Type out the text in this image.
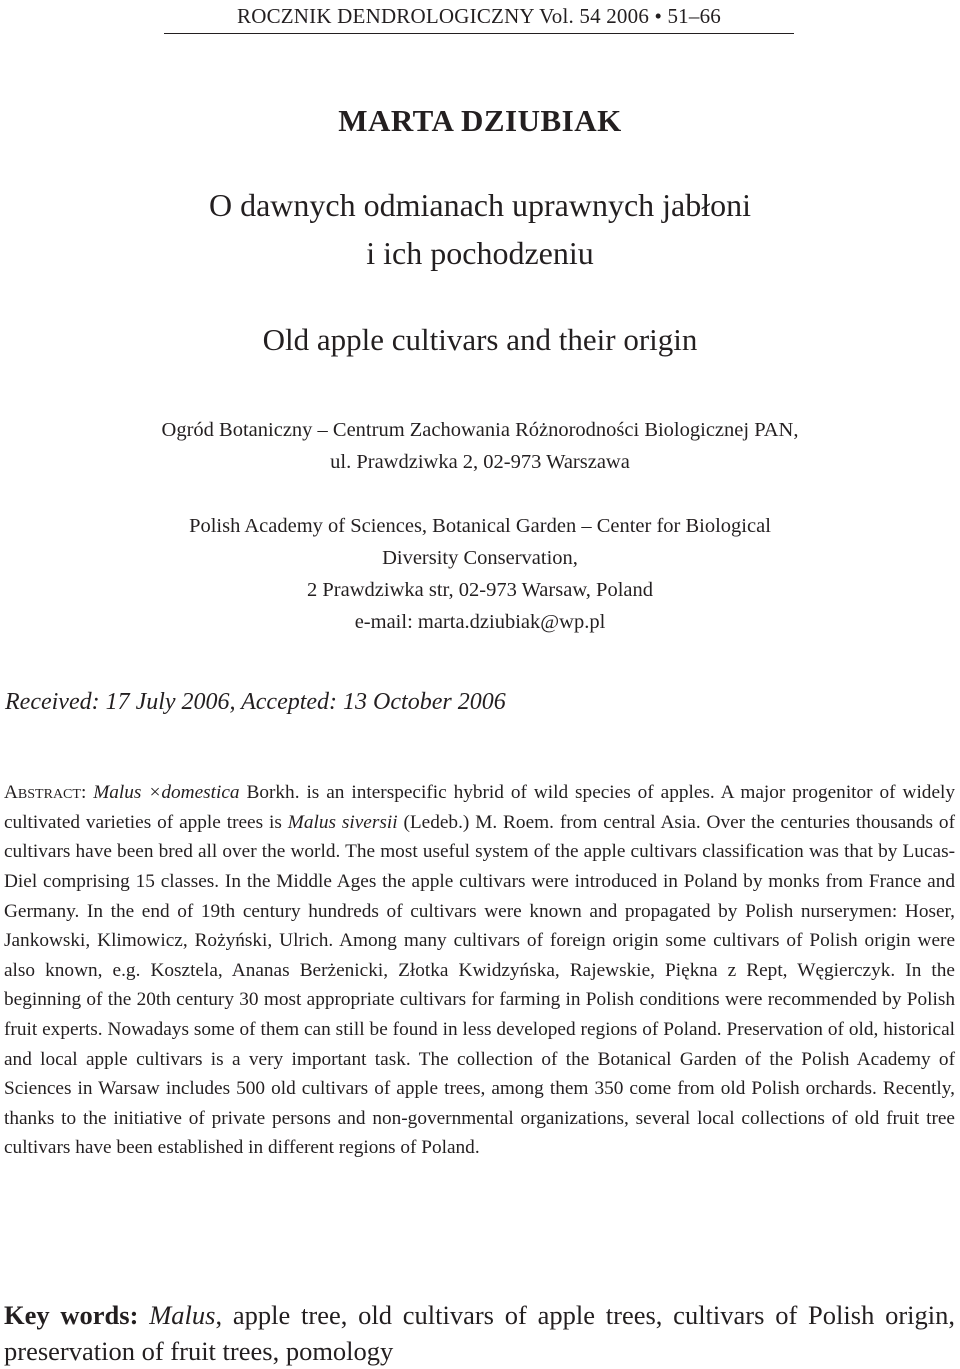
ROCZNIK DENDROLOGICZNY Vol. 54 2006 • 51–66
MARTA DZIUBIAK
O dawnych odmianach uprawnych jabłoni
i ich pochodzeniu
Old apple cultivars and their origin
Ogród Botaniczny – Centrum Zachowania Różnorodności Biologicznej PAN,
ul. Prawdziwka 2, 02-973 Warszawa
Polish Academy of Sciences, Botanical Garden – Center for Biological
Diversity Conservation,
2 Prawdziwka str, 02-973 Warsaw, Poland
e-mail: marta.dziubiak@wp.pl
Received: 17 July 2006, Accepted: 13 October 2006

Abstract: Malus ×domestica Borkh. is an interspecific hybrid of wild species of apples. A major progenitor of widely cultivated varieties of apple trees is Malus siversii (Ledeb.) M. Roem. from central Asia. Over the centuries thousands of cultivars have been bred all over the world. The most useful system of the apple cultivars classification was that by Lucas-Diel comprising 15 classes. In the Middle Ages the apple cultivars were introduced in Poland by monks from France and Germany. In the end of 19th century hundreds of cultivars were known and propagated by Polish nurserymen: Hoser, Jankowski, Klimowicz, Rożyński, Ulrich. Among many cultivars of foreign origin some cultivars of Polish origin were also known, e.g. Kosztela, Ananas Berżenicki, Złotka Kwidzyńska, Rajewskie, Piękna z Rept, Węgierczyk. In the beginning of the 20th century 30 most appropriate cultivars for farming in Polish conditions were recommended by Polish fruit experts. Nowadays some of them can still be found in less developed regions of Poland. Preservation of old, historical and local apple cultivars is a very important task. The collection of the Botanical Garden of the Polish Academy of Sciences in Warsaw includes 500 old cultivars of apple trees, among them 350 come from old Polish orchards. Recently, thanks to the initiative of private persons and non-governmental organizations, several local collections of old fruit tree cultivars have been established in different regions of Poland.

Key words: Malus, apple tree, old cultivars of apple trees, cultivars of Polish origin, preservation of fruit trees, pomology
